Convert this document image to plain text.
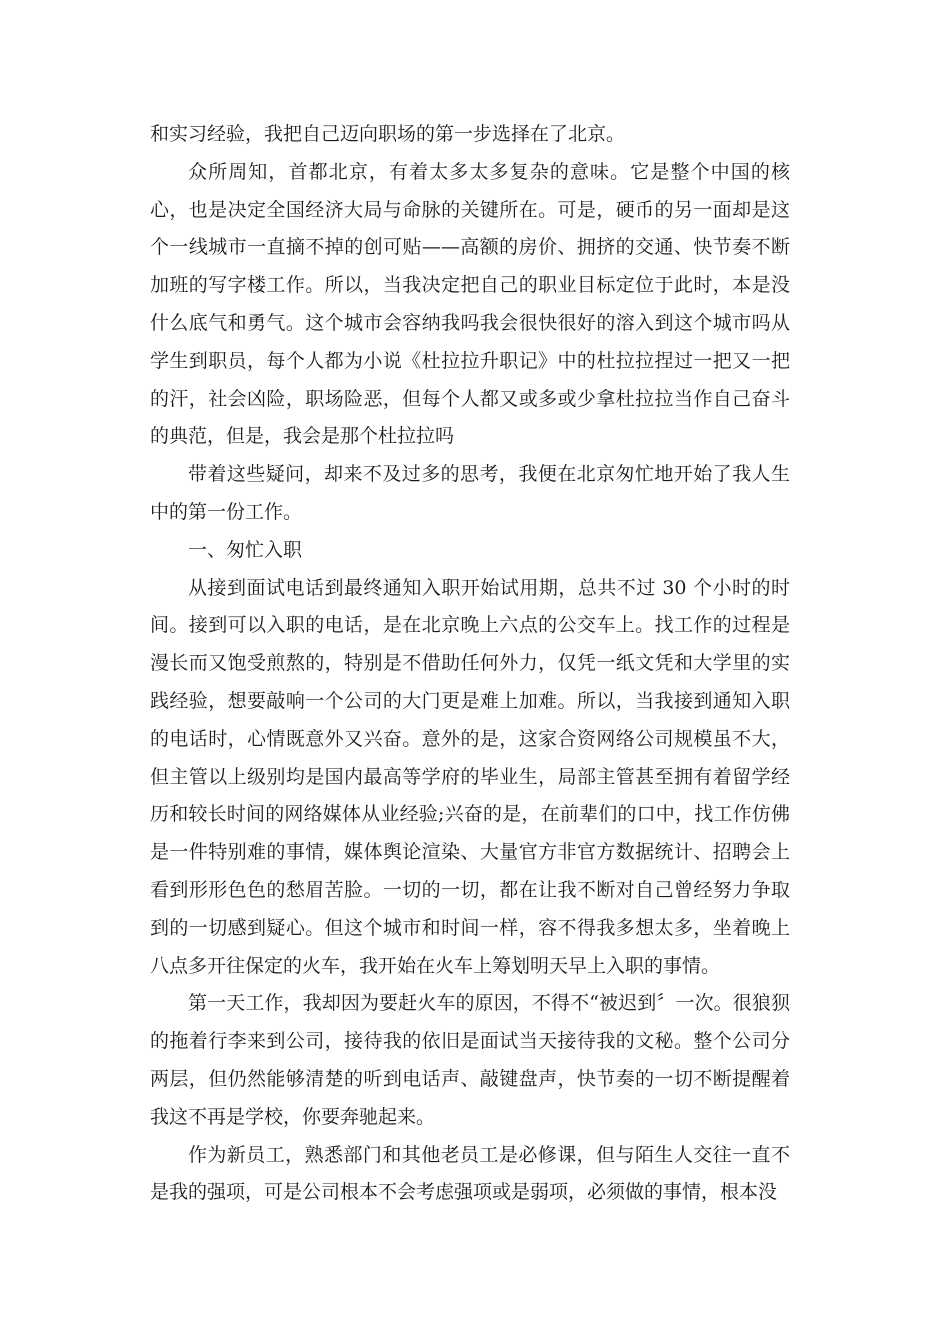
和实习经验，我把自己迈向职场的第一步选择在了北京。

众所周知，首都北京，有着太多太多复杂的意味。它是整个中国的核心，也是决定全国经济大局与命脉的关键所在。可是，硬币的另一面却是这个一线城市一直摘不掉的创可贴——高额的房价、拥挤的交通、快节奏不断加班的写字楼工作。所以，当我决定把自己的职业目标定位于此时，本是没什么底气和勇气。这个城市会容纳我吗我会很快很好的溶入到这个城市吗从学生到职员，每个人都为小说《杜拉拉升职记》中的杜拉拉捏过一把又一把的汗，社会凶险，职场险恶，但每个人都又或多或少拿杜拉拉当作自己奋斗的典范，但是，我会是那个杜拉拉吗

带着这些疑问，却来不及过多的思考，我便在北京匆忙地开始了我人生中的第一份工作。

一、匆忙入职

从接到面试电话到最终通知入职开始试用期，总共不过 30 个小时的时间。接到可以入职的电话，是在北京晚上六点的公交车上。找工作的过程是漫长而又饱受煎熬的，特别是不借助任何外力，仅凭一纸文凭和大学里的实践经验，想要敲响一个公司的大门更是难上加难。所以，当我接到通知入职的电话时，心情既意外又兴奋。意外的是，这家合资网络公司规模虽不大，但主管以上级别均是国内最高等学府的毕业生，局部主管甚至拥有着留学经历和较长时间的网络媒体从业经验;兴奋的是，在前辈们的口中，找工作仿佛是一件特别难的事情，媒体舆论渲染、大量官方非官方数据统计、招聘会上看到形形色色的愁眉苦脸。一切的一切，都在让我不断对自己曾经努力争取到的一切感到疑心。但这个城市和时间一样，容不得我多想太多，坐着晚上八点多开往保定的火车，我开始在火车上筹划明天早上入职的事情。

第一天工作，我却因为要赶火车的原因，不得不“被迟到〞一次。很狼狈的拖着行李来到公司，接待我的依旧是面试当天接待我的文秘。整个公司分两层，但仍然能够清楚的听到电话声、敲键盘声，快节奏的一切不断提醒着我这不再是学校，你要奔驰起来。

作为新员工，熟悉部门和其他老员工是必修课，但与陌生人交往一直不是我的强项，可是公司根本不会考虑强项或是弱项，必须做的事情，根本没
